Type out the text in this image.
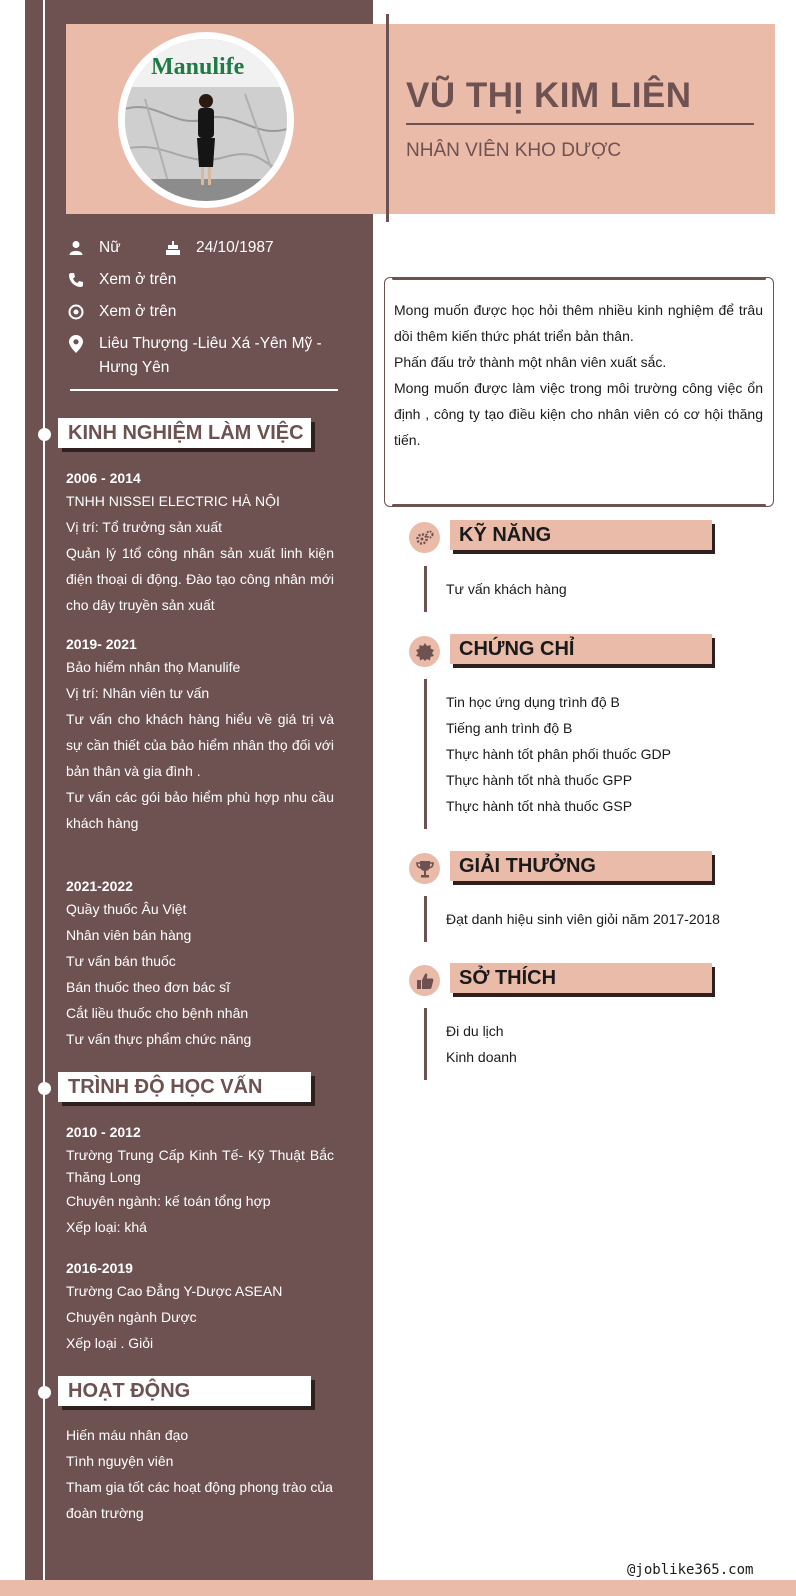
Manulife
VŨ THỊ KIM LIÊN
NHÂN VIÊN KHO DƯỢC
Nữ	24/10/1987
Xem ở trên
Xem ở trên
Liêu Thượng -Liêu Xá -Yên Mỹ - Hưng Yên
KINH NGHIỆM LÀM VIỆC
2006 - 2014
TNHH NISSEI ELECTRIC HÀ NỘI
Vị trí: Tổ trưởng sản xuất
Quản lý 1tổ công nhân sản xuất linh kiện điện thoại di động. Đào tạo công nhân mới cho dây truyền sản xuất
2019- 2021
Bảo hiểm nhân thọ Manulife
Vị trí: Nhân viên tư vấn
Tư vấn cho khách hàng hiểu về giá trị và sự cần thiết của bảo hiểm nhân thọ đối với bản thân và gia đình .
Tư vấn các gói bảo hiểm phù hợp nhu cầu khách hàng
2021-2022
Quầy thuốc Âu Việt
Nhân viên bán hàng
Tư vấn bán thuốc
Bán thuốc theo đơn bác sĩ
Cắt liều thuốc cho bệnh nhân
Tư vấn thực phẩm chức năng
TRÌNH ĐỘ HỌC VẤN
2010 - 2012
Trường Trung Cấp Kinh Tế- Kỹ Thuật Bắc Thăng Long
Chuyên ngành: kế toán tổng hợp
Xếp loại: khá
2016-2019
Trường Cao Đẳng Y-Dược ASEAN
Chuyên ngành Dược
Xếp loại . Giỏi
HOẠT ĐỘNG
Hiến máu nhân đạo
Tình nguyện viên
Tham gia tốt các hoạt động phong trào của đoàn trường
Mong muốn được học hỏi thêm nhiều kinh nghiệm để trâu dồi thêm kiến thức phát triển bản thân.
Phấn đấu trở thành một nhân viên xuất sắc.
Mong muốn được làm việc trong môi trường công việc ổn định , công ty tạo điều kiện cho nhân viên có cơ hội thăng tiến.
KỸ NĂNG
Tư vấn khách hàng
CHỨNG CHỈ
Tin học ứng dụng trình độ B
Tiếng anh trình độ B
Thực hành tốt phân phối thuốc GDP
Thực hành tốt nhà thuốc GPP
Thực hành tốt nhà thuốc GSP
GIẢI THƯỞNG
Đạt danh hiệu sinh viên giỏi năm 2017-2018
SỞ THÍCH
Đi du lịch
Kinh doanh
@joblike365.com
